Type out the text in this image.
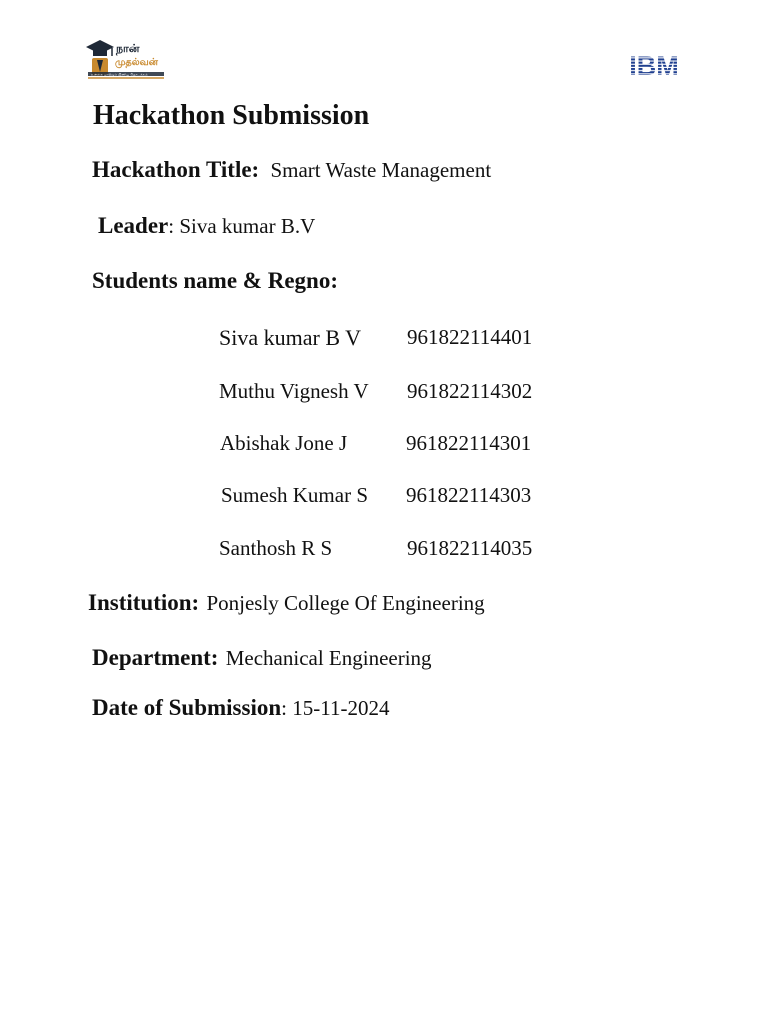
நான்
முதல்வன்
உலகை மாற்றும் இனிய தொடக்கம்
Hackathon Submission
Hackathon Title: Smart Waste Management
Leader: Siva kumar B.V
Students name & Regno:
Siva kumar B V 961822114401
Muthu Vignesh V 961822114302
Abishak Jone J	961822114301
Sumesh Kumar S 961822114303
Santhosh R S	961822114035
Institution: Ponjesly College Of Engineering
Department: Mechanical Engineering
Date of Submission: 15-11-2024
